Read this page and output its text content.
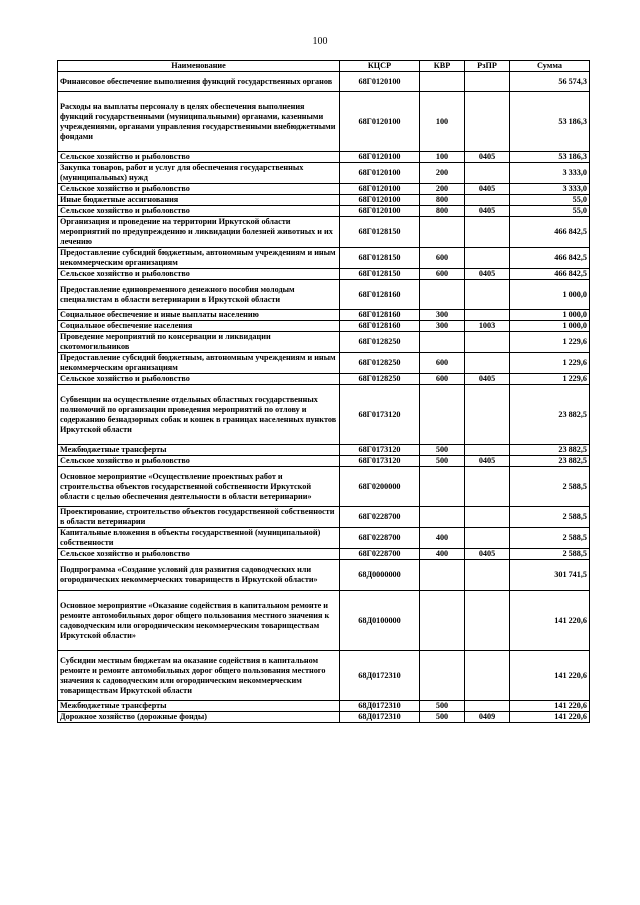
100
Наименование	КЦСР	КВР	РзПР	Сумма
Финансовое обеспечение выполнения функций государственных органов	68Г0120100			56 574,3
Расходы на выплаты персоналу в целях обеспечения выполнения функций государственными (муниципальными) органами, казенными учреждениями, органами управления государственными внебюджетными фондами	68Г0120100	100		53 186,3
Сельское хозяйство и рыболовство	68Г0120100	100	0405	53 186,3
Закупка товаров, работ и услуг для обеспечения государственных (муниципальных) нужд	68Г0120100	200		3 333,0
Сельское хозяйство и рыболовство	68Г0120100	200	0405	3 333,0
Иные бюджетные ассигнования	68Г0120100	800		55,0
Сельское хозяйство и рыболовство	68Г0120100	800	0405	55,0
Организация и проведение на территории Иркутской области мероприятий по предупреждению и ликвидации болезней животных и их лечению	68Г0128150			466 842,5
Предоставление субсидий бюджетным, автономным учреждениям и иным некоммерческим организациям	68Г0128150	600		466 842,5
Сельское хозяйство и рыболовство	68Г0128150	600	0405	466 842,5
Предоставление единовременного денежного пособия молодым специалистам в области ветеринарии в Иркутской области	68Г0128160			1 000,0
Социальное обеспечение и иные выплаты населению	68Г0128160	300		1 000,0
Социальное обеспечение населения	68Г0128160	300	1003	1 000,0
Проведение мероприятий по консервации и ликвидации скотомогильников	68Г0128250			1 229,6
Предоставление субсидий бюджетным, автономным учреждениям и иным некоммерческим организациям	68Г0128250	600		1 229,6
Сельское хозяйство и рыболовство	68Г0128250	600	0405	1 229,6
Субвенции на осуществление отдельных областных государственных полномочий по организации проведения мероприятий по отлову и содержанию безнадзорных собак и кошек в границах населенных пунктов Иркутской области	68Г0173120			23 882,5
Межбюджетные трансферты	68Г0173120	500		23 882,5
Сельское хозяйство и рыболовство	68Г0173120	500	0405	23 882,5
Основное мероприятие «Осуществление проектных работ и строительства объектов государственной собственности Иркутской области с целью обеспечения деятельности в области ветеринарии»	68Г0200000			2 588,5
Проектирование, строительство объектов государственной собственности в области ветеринарии	68Г0228700			2 588,5
Капитальные вложения в объекты государственной (муниципальной) собственности	68Г0228700	400		2 588,5
Сельское хозяйство и рыболовство	68Г0228700	400	0405	2 588,5
Подпрограмма «Создание условий для развития садоводческих или огороднических некоммерческих товариществ в Иркутской области»	68Д0000000			301 741,5
Основное мероприятие «Оказание содействия в капитальном ремонте и ремонте автомобильных дорог общего пользования местного значения к садоводческим или огородническим некоммерческим товариществам Иркутской области»	68Д0100000			141 220,6
Субсидии местным бюджетам на оказание содействия в капитальном ремонте и ремонте автомобильных дорог общего пользования местного значения к садоводческим или огородническим некоммерческим товариществам Иркутской области	68Д0172310			141 220,6
Межбюджетные трансферты	68Д0172310	500		141 220,6
Дорожное хозяйство (дорожные фонды)	68Д0172310	500	0409	141 220,6
